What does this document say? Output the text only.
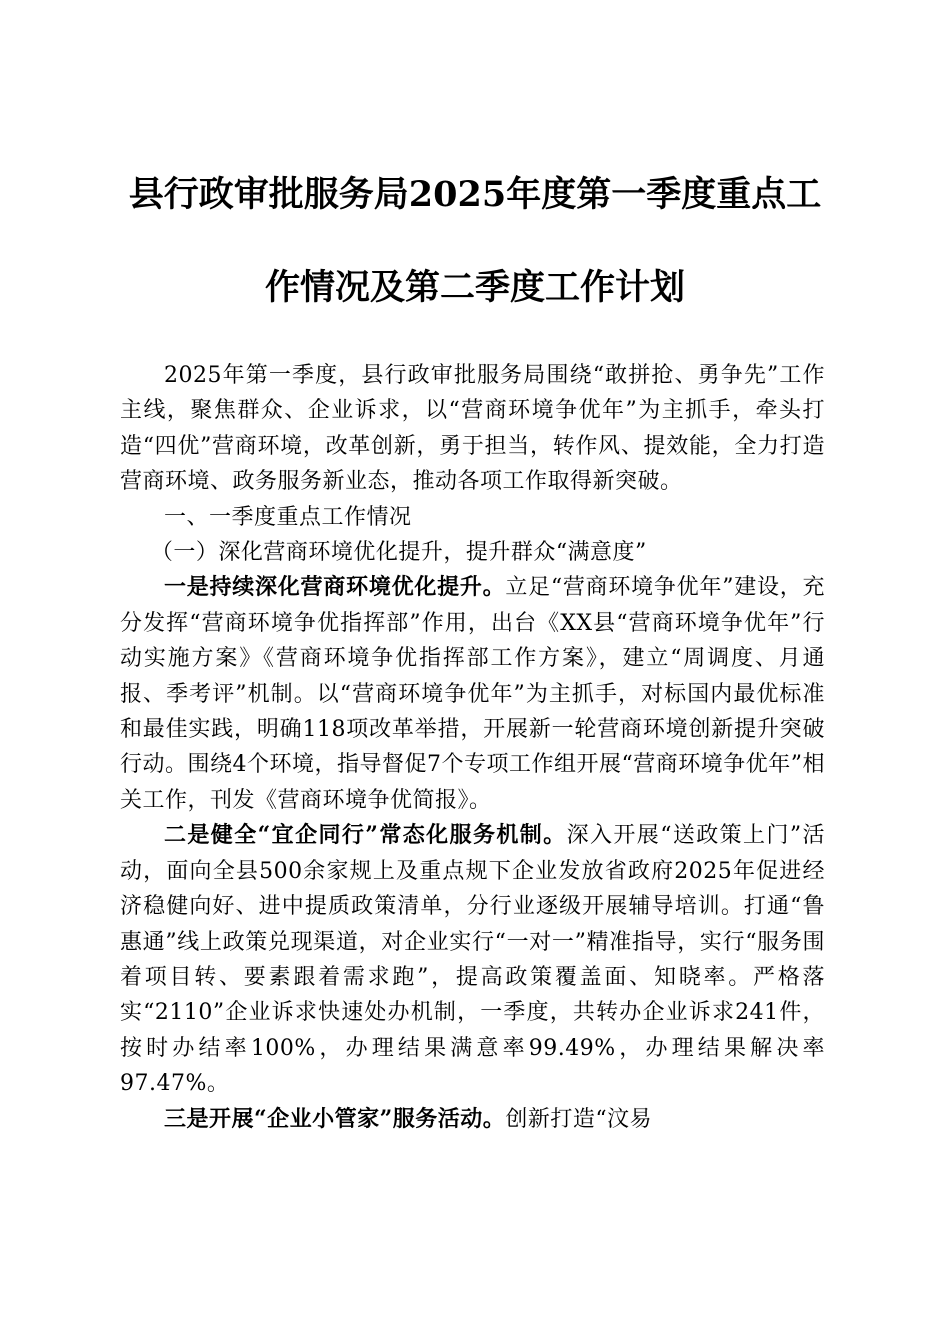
县行政审批服务局2025年度第一季度重点工
作情况及第二季度工作计划

2025年第一季度，县行政审批服务局围绕“敢拼抢、勇争先”工作主线，聚焦群众、企业诉求，以“营商环境争优年”为主抓手，牵头打造“四优”营商环境，改革创新，勇于担当，转作风、提效能，全力打造营商环境、政务服务新业态，推动各项工作取得新突破。

一、一季度重点工作情况

（一）深化营商环境优化提升，提升群众“满意度”

一是持续深化营商环境优化提升。立足“营商环境争优年”建设，充分发挥“营商环境争优指挥部”作用，出台《XX县“营商环境争优年”行动实施方案》《营商环境争优指挥部工作方案》，建立“周调度、月通报、季考评”机制。以“营商环境争优年”为主抓手，对标国内最优标准和最佳实践，明确118项改革举措，开展新一轮营商环境创新提升突破行动。围绕4个环境，指导督促7个专项工作组开展“营商环境争优年”相关工作，刊发《营商环境争优简报》。

二是健全“宜企同行”常态化服务机制。深入开展“送政策上门”活动，面向全县500余家规上及重点规下企业发放省政府2025年促进经济稳健向好、进中提质政策清单，分行业逐级开展辅导培训。打通“鲁惠通”线上政策兑现渠道，对企业实行“一对一”精准指导，实行“服务围着项目转、要素跟着需求跑”，提高政策覆盖面、知晓率。严格落实“2110”企业诉求快速处办机制，一季度，共转办企业诉求241件，按时办结率100%，办理结果满意率99.49%，办理结果解决率97.47%。

三是开展“企业小管家”服务活动。创新打造“汶易
